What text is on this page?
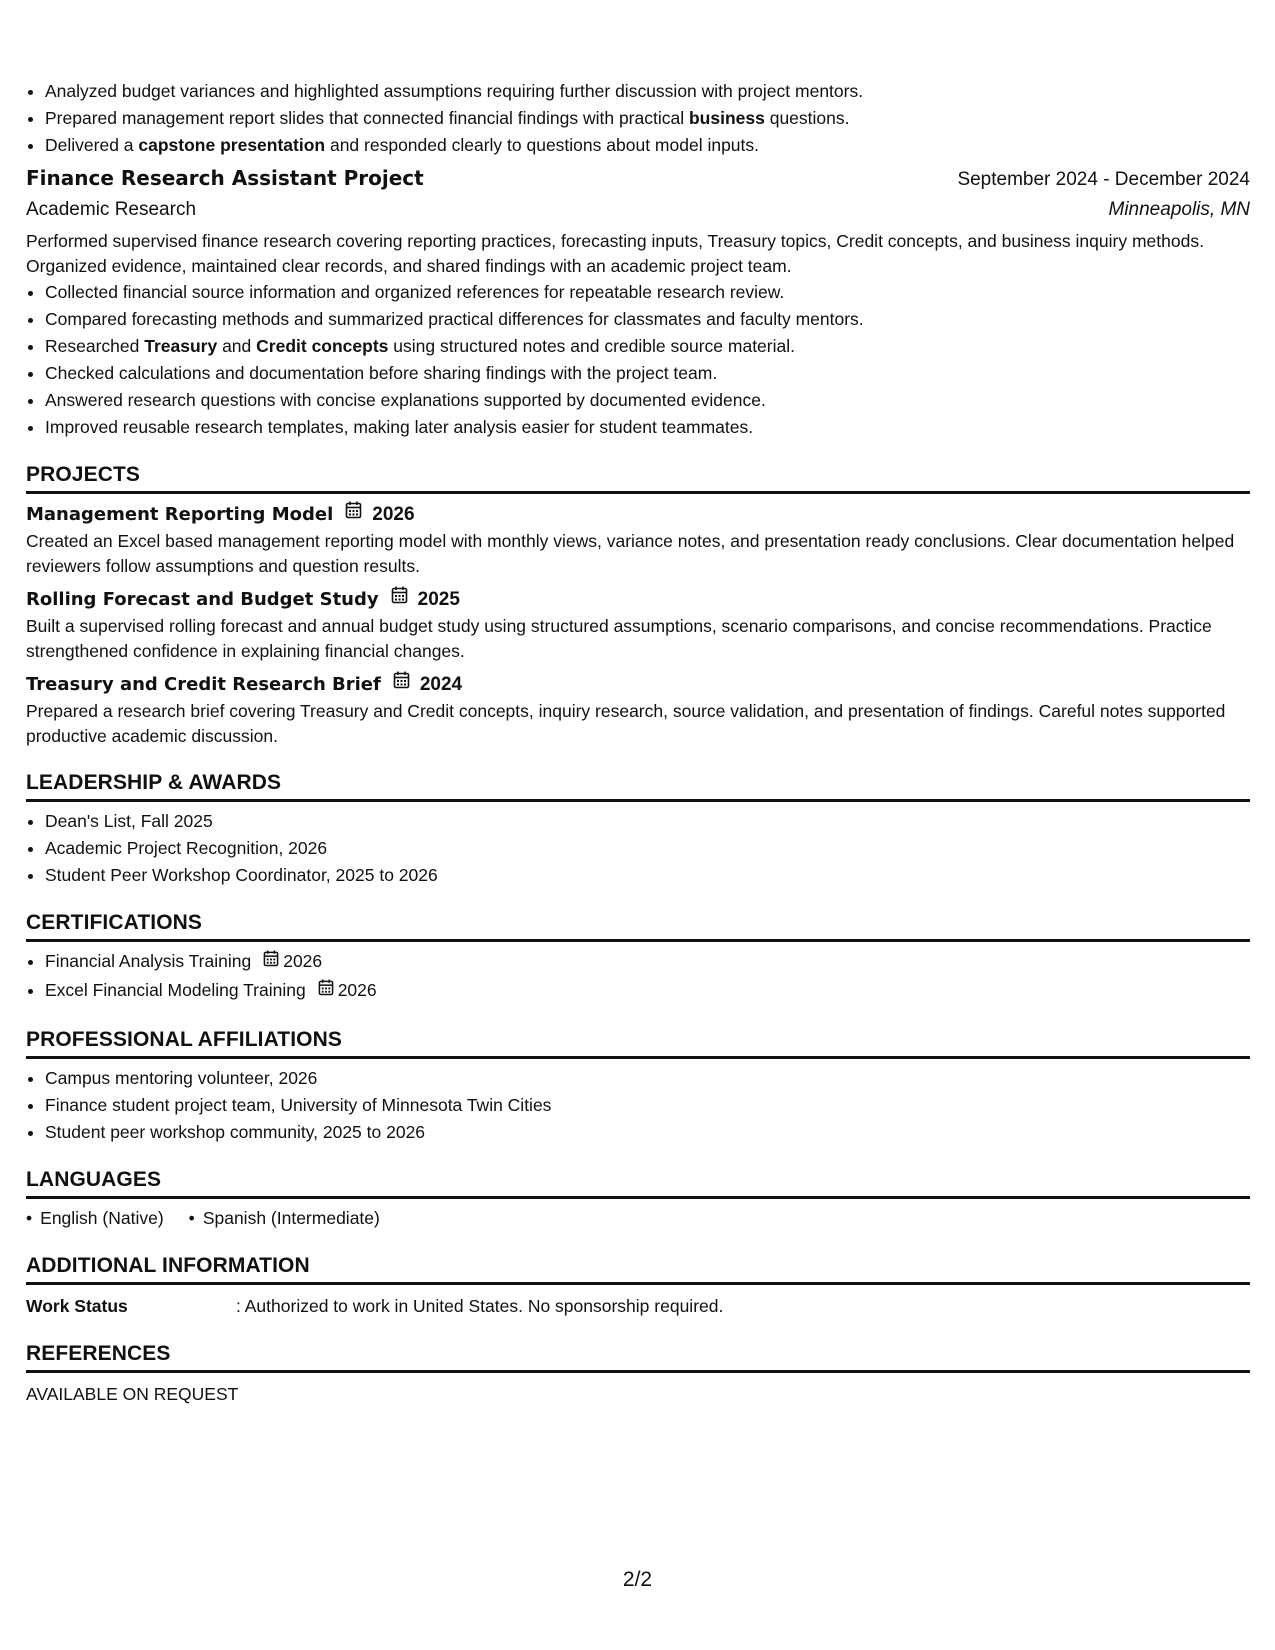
• Analyzed budget variances and highlighted assumptions requiring further discussion with project mentors.
• Prepared management report slides that connected financial findings with practical business questions.
• Delivered a capstone presentation and responded clearly to questions about model inputs.
Finance Research Assistant Project	September 2024 - December 2024
Academic Research	Minneapolis, MN
Performed supervised finance research covering reporting practices, forecasting inputs, Treasury topics, Credit concepts, and business inquiry methods. Organized evidence, maintained clear records, and shared findings with an academic project team.
• Collected financial source information and organized references for repeatable research review.
• Compared forecasting methods and summarized practical differences for classmates and faculty mentors.
• Researched Treasury and Credit concepts using structured notes and credible source material.
• Checked calculations and documentation before sharing findings with the project team.
• Answered research questions with concise explanations supported by documented evidence.
• Improved reusable research templates, making later analysis easier for student teammates.
PROJECTS
Management Reporting Model 2026
Created an Excel based management reporting model with monthly views, variance notes, and presentation ready conclusions. Clear documentation helped reviewers follow assumptions and question results.
Rolling Forecast and Budget Study 2025
Built a supervised rolling forecast and annual budget study using structured assumptions, scenario comparisons, and concise recommendations. Practice strengthened confidence in explaining financial changes.
Treasury and Credit Research Brief 2024
Prepared a research brief covering Treasury and Credit concepts, inquiry research, source validation, and presentation of findings. Careful notes supported productive academic discussion.
LEADERSHIP & AWARDS
• Dean's List, Fall 2025
• Academic Project Recognition, 2026
• Student Peer Workshop Coordinator, 2025 to 2026
CERTIFICATIONS
• Financial Analysis Training 2026
• Excel Financial Modeling Training 2026
PROFESSIONAL AFFILIATIONS
• Campus mentoring volunteer, 2026
• Finance student project team, University of Minnesota Twin Cities
• Student peer workshop community, 2025 to 2026
LANGUAGES
• English (Native)
•	Spanish (Intermediate)
ADDITIONAL INFORMATION
Work Status	: Authorized to work in United States. No sponsorship required.
REFERENCES
AVAILABLE ON REQUEST
2/2
